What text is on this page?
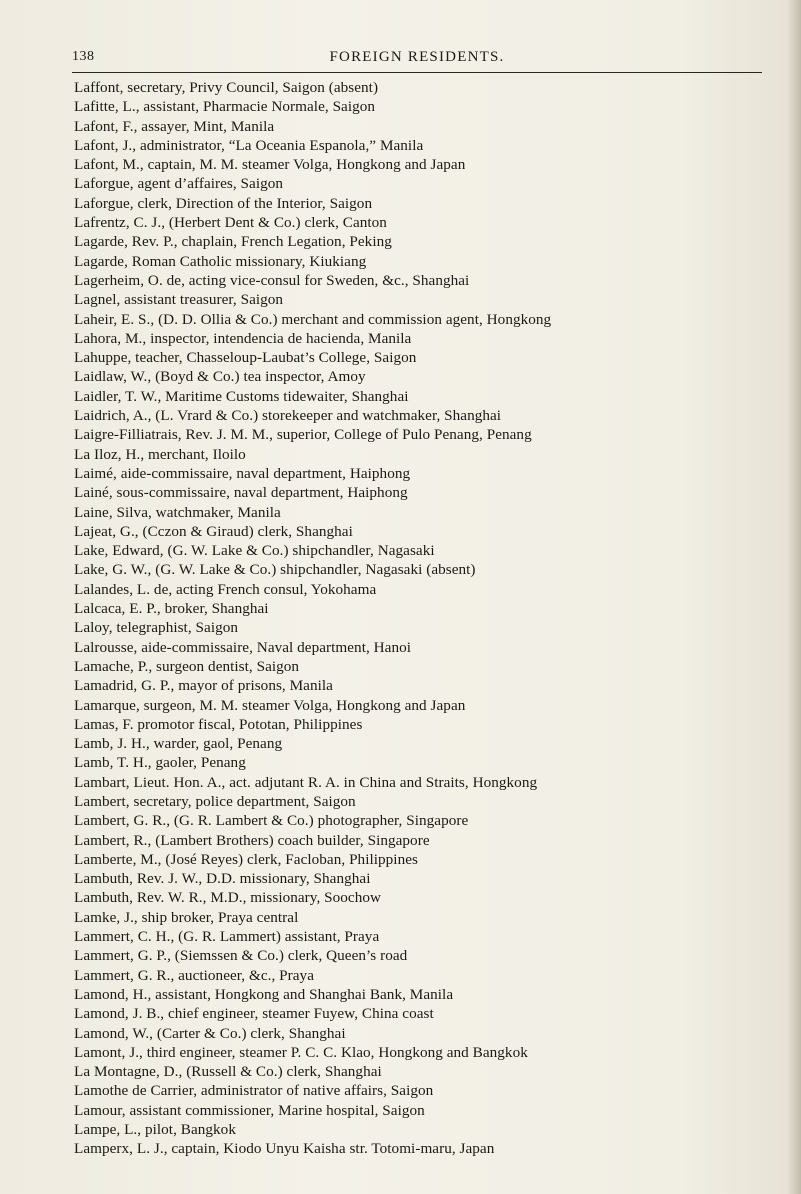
138	FOREIGN RESIDENTS.
Laffont, secretary, Privy Council, Saigon (absent)
Lafitte, L., assistant, Pharmacie Normale, Saigon
Lafont, F., assayer, Mint, Manila
Lafont, J., administrator, “La Oceania Espanola,” Manila
Lafont, M., captain, M. M. steamer Volga, Hongkong and Japan
Laforgue, agent d’affaires, Saigon
Laforgue, clerk, Direction of the Interior, Saigon
Lafrentz, C. J., (Herbert Dent & Co.) clerk, Canton
Lagarde, Rev. P., chaplain, French Legation, Peking
Lagarde, Roman Catholic missionary, Kiukiang
Lagerheim, O. de, acting vice-consul for Sweden, &c., Shanghai
Lagnel, assistant treasurer, Saigon
Laheir, E. S., (D. D. Ollia & Co.) merchant and commission agent, Hongkong
Lahora, M., inspector, intendencia de hacienda, Manila
Lahuppe, teacher, Chasseloup-Laubat’s College, Saigon
Laidlaw, W., (Boyd & Co.) tea inspector, Amoy
Laidler, T. W., Maritime Customs tidewaiter, Shanghai
Laidrich, A., (L. Vrard & Co.) storekeeper and watchmaker, Shanghai
Laigre-Filliatrais, Rev. J. M. M., superior, College of Pulo Penang, Penang
La Iloz, H., merchant, Iloilo
Laimé, aide-commissaire, naval department, Haiphong
Lainé, sous-commissaire, naval department, Haiphong
Laine, Silva, watchmaker, Manila
Lajeat, G., (Cczon & Giraud) clerk, Shanghai
Lake, Edward, (G. W. Lake & Co.) shipchandler, Nagasaki
Lake, G. W., (G. W. Lake & Co.) shipchandler, Nagasaki (absent)
Lalandes, L. de, acting French consul, Yokohama
Lalcaca, E. P., broker, Shanghai
Laloy, telegraphist, Saigon
Lalrousse, aide-commissaire, Naval department, Hanoi
Lamache, P., surgeon dentist, Saigon
Lamadrid, G. P., mayor of prisons, Manila
Lamarque, surgeon, M. M. steamer Volga, Hongkong and Japan
Lamas, F. promotor fiscal, Pototan, Philippines
Lamb, J. H., warder, gaol, Penang
Lamb, T. H., gaoler, Penang
Lambart, Lieut. Hon. A., act. adjutant R. A. in China and Straits, Hongkong
Lambert, secretary, police department, Saigon
Lambert, G. R., (G. R. Lambert & Co.) photographer, Singapore
Lambert, R., (Lambert Brothers) coach builder, Singapore
Lamberte, M., (José Reyes) clerk, Facloban, Philippines
Lambuth, Rev. J. W., D.D. missionary, Shanghai
Lambuth, Rev. W. R., M.D., missionary, Soochow
Lamke, J., ship broker, Praya central
Lammert, C. H., (G. R. Lammert) assistant, Praya
Lammert, G. P., (Siemssen & Co.) clerk, Queen’s road
Lammert, G. R., auctioneer, &c., Praya
Lamond, H., assistant, Hongkong and Shanghai Bank, Manila
Lamond, J. B., chief engineer, steamer Fuyew, China coast
Lamond, W., (Carter & Co.) clerk, Shanghai
Lamont, J., third engineer, steamer P. C. C. Klao, Hongkong and Bangkok
La Montagne, D., (Russell & Co.) clerk, Shanghai
Lamothe de Carrier, administrator of native affairs, Saigon
Lamour, assistant commissioner, Marine hospital, Saigon
Lampe, L., pilot, Bangkok
Lamperx, L. J., captain, Kiodo Unyu Kaisha str. Totomi-maru, Japan
